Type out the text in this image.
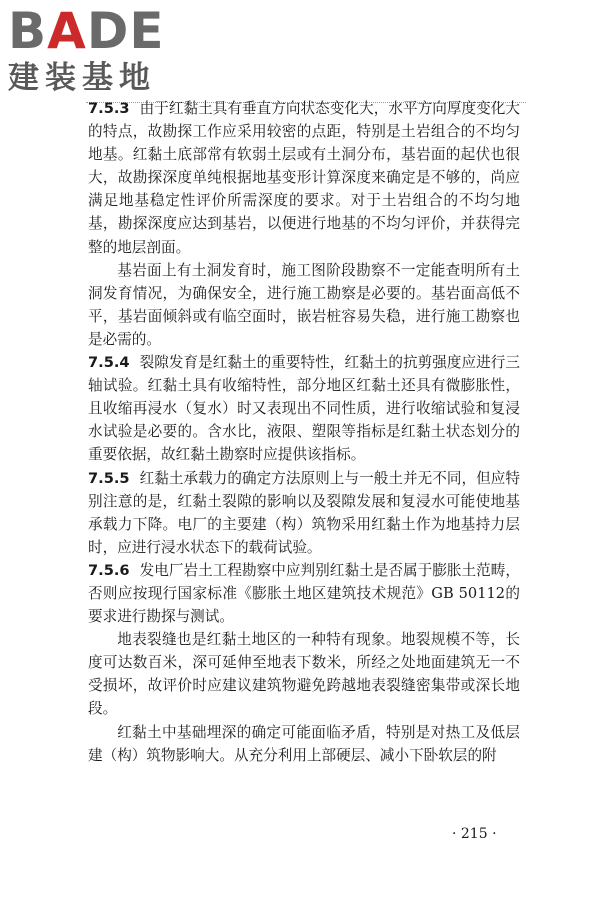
BADE
建装基地

7.5.3 由于红黏土具有垂直方向状态变化大，水平方向厚度变化大的特点，故勘探工作应采用较密的点距，特别是土岩组合的不均匀地基。红黏土底部常有软弱土层或有土洞分布，基岩面的起伏也很大，故勘探深度单纯根据地基变形计算深度来确定是不够的，尚应满足地基稳定性评价所需深度的要求。对于土岩组合的不均匀地基，勘探深度应达到基岩，以便进行地基的不均匀评价，并获得完整的地层剖面。

基岩面上有土洞发育时，施工图阶段勘察不一定能查明所有土洞发育情况，为确保安全，进行施工勘察是必要的。基岩面高低不平，基岩面倾斜或有临空面时，嵌岩桩容易失稳，进行施工勘察也是必需的。

7.5.4 裂隙发育是红黏土的重要特性，红黏土的抗剪强度应进行三轴试验。红黏土具有收缩特性，部分地区红黏土还具有微膨胀性，且收缩再浸水（复水）时又表现出不同性质，进行收缩试验和复浸水试验是必要的。含水比，液限、塑限等指标是红黏土状态划分的重要依据，故红黏土勘察时应提供该指标。

7.5.5 红黏土承载力的确定方法原则上与一般土并无不同，但应特别注意的是，红黏土裂隙的影响以及裂隙发展和复浸水可能使地基承载力下降。电厂的主要建（构）筑物采用红黏土作为地基持力层时，应进行浸水状态下的载荷试验。

7.5.6 发电厂岩土工程勘察中应判别红黏土是否属于膨胀土范畴，否则应按现行国家标准《膨胀土地区建筑技术规范》GB 50112的要求进行勘探与测试。

地表裂缝也是红黏土地区的一种特有现象。地裂规模不等，长度可达数百米，深可延伸至地表下数米，所经之处地面建筑无一不受损坏，故评价时应建议建筑物避免跨越地表裂缝密集带或深长地段。

红黏土中基础埋深的确定可能面临矛盾，特别是对热工及低层建（构）筑物影响大。从充分利用上部硬层、减小下卧软层的附

· 215 ·
